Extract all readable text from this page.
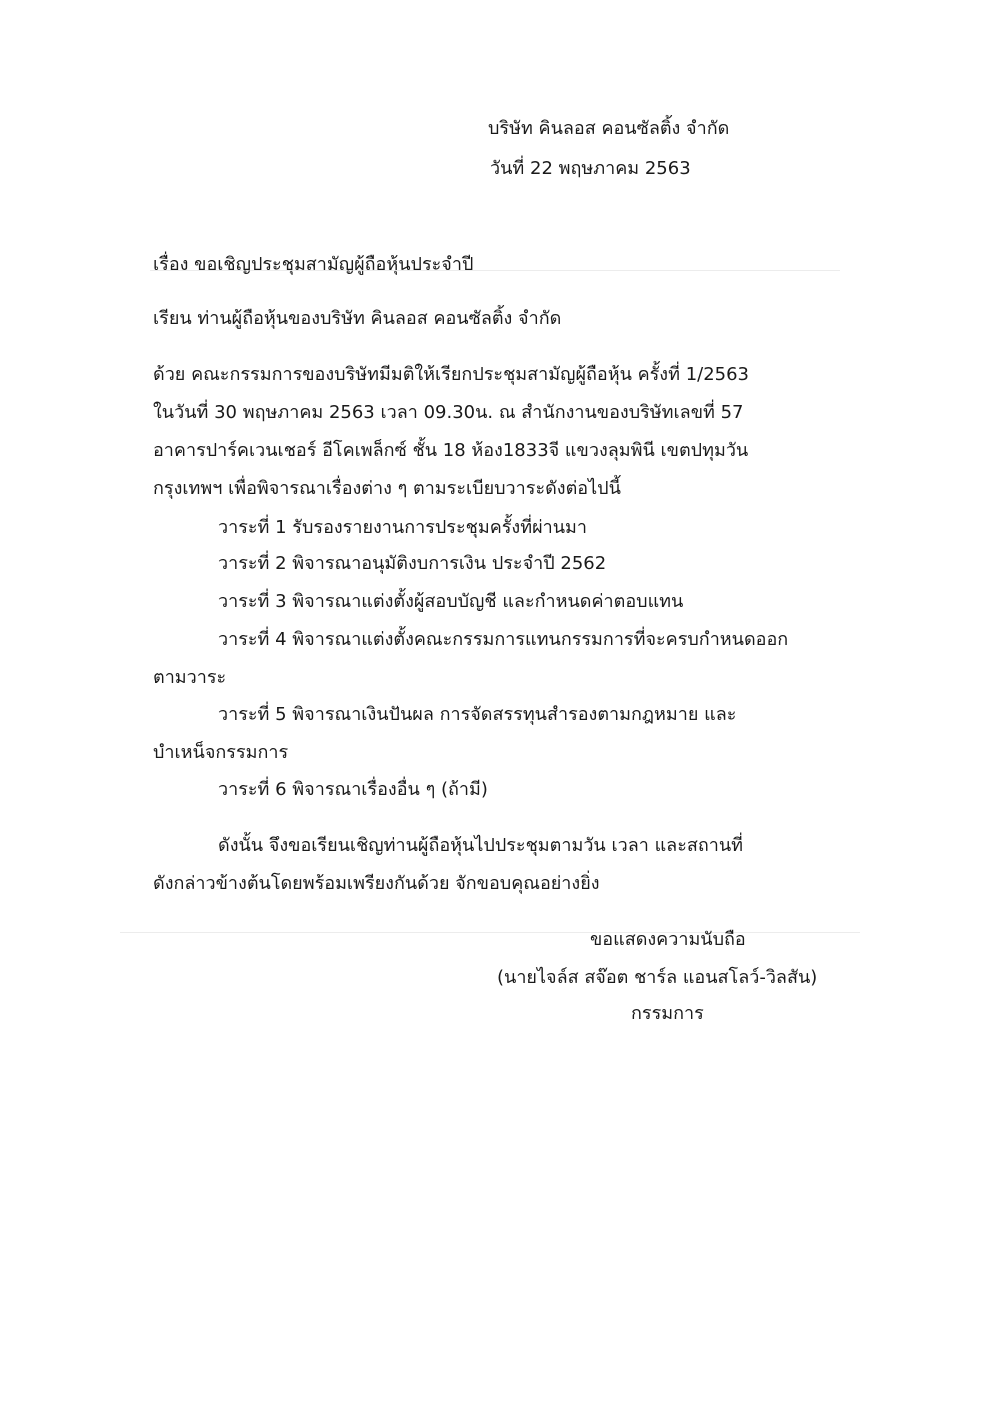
บริษัท คินลอส คอนซัลติ้ง จำกัด
วันที่ 22 พฤษภาคม 2563
เรื่อง ขอเชิญประชุมสามัญผู้ถือหุ้นประจำปี
เรียน ท่านผู้ถือหุ้นของบริษัท คินลอส คอนซัลติ้ง จำกัด
ด้วย คณะกรรมการของบริษัทมีมติให้เรียกประชุมสามัญผู้ถือหุ้น ครั้งที่ 1/2563
ในวันที่ 30 พฤษภาคม 2563 เวลา 09.30น. ณ สำนักงานของบริษัทเลขที่ 57
อาคารปาร์คเวนเชอร์ อีโคเพล็กซ์ ชั้น 18 ห้อง1833จี แขวงลุมพินี เขตปทุมวัน
กรุงเทพฯ เพื่อพิจารณาเรื่องต่าง ๆ ตามระเบียบวาระดังต่อไปนี้
วาระที่ 1 รับรองรายงานการประชุมครั้งที่ผ่านมา
วาระที่ 2 พิจารณาอนุมัติงบการเงิน ประจำปี 2562
วาระที่ 3 พิจารณาแต่งตั้งผู้สอบบัญชี และกำหนดค่าตอบแทน
วาระที่ 4 พิจารณาแต่งตั้งคณะกรรมการแทนกรรมการที่จะครบกำหนดออก
ตามวาระ
วาระที่ 5 พิจารณาเงินปันผล การจัดสรรทุนสำรองตามกฎหมาย และ
บำเหน็จกรรมการ
วาระที่ 6 พิจารณาเรื่องอื่น ๆ (ถ้ามี)
ดังนั้น จึงขอเรียนเชิญท่านผู้ถือหุ้นไปประชุมตามวัน เวลา และสถานที่
ดังกล่าวข้างต้นโดยพร้อมเพรียงกันด้วย จักขอบคุณอย่างยิ่ง
ขอแสดงความนับถือ
(นายไจล์ส สจ๊อต ชาร์ล แอนสโลว์-วิลสัน)
กรรมการ
